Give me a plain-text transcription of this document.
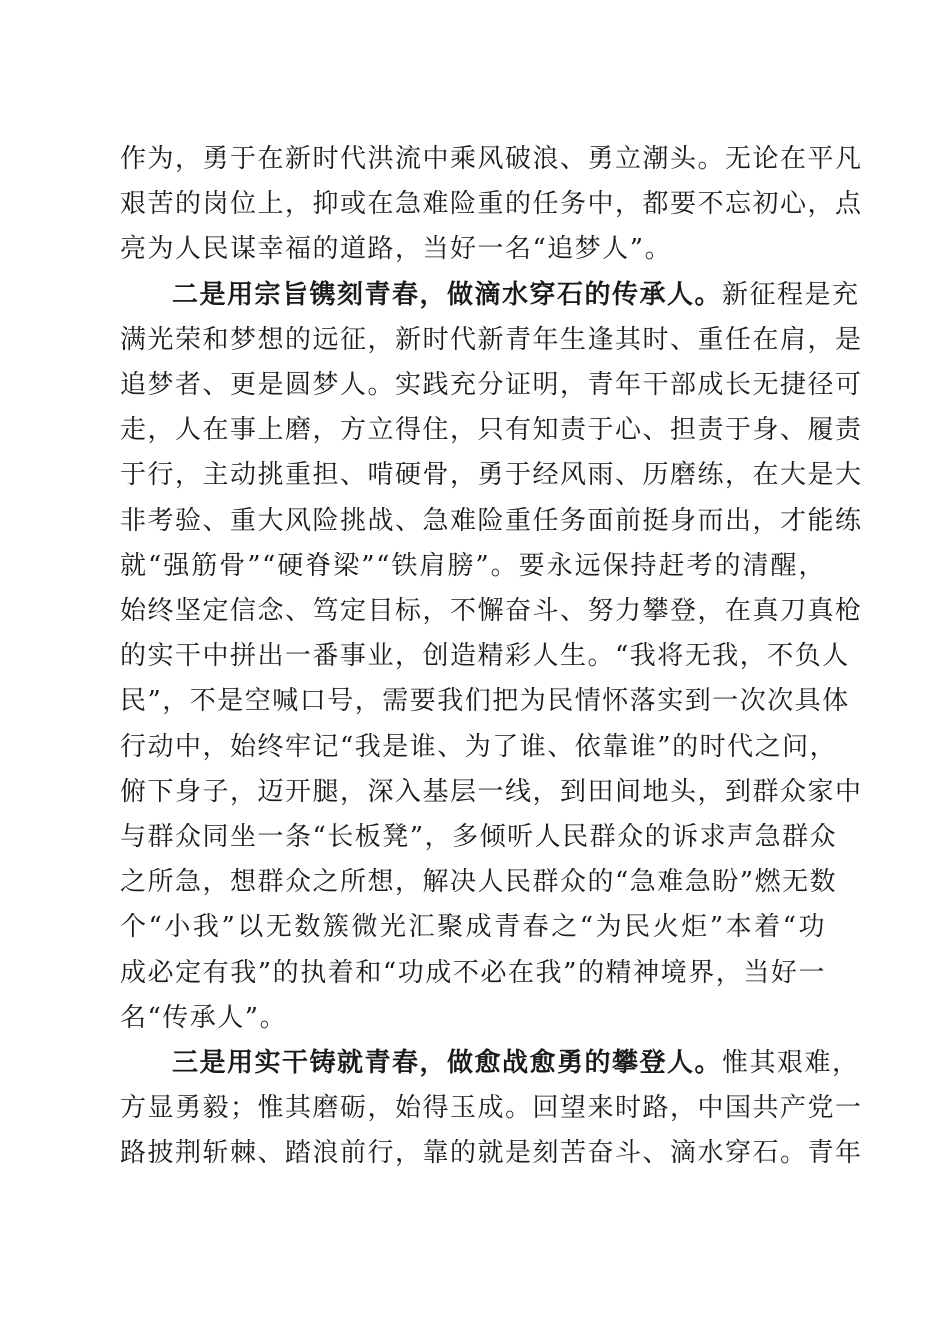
作为，勇于在新时代洪流中乘风破浪、勇立潮头。无论在平凡
艰苦的岗位上，抑或在急难险重的任务中，都要不忘初心，点
亮为人民谋幸福的道路，当好一名“追梦人”。
二是用宗旨镌刻青春，做滴水穿石的传承人。新征程是充
满光荣和梦想的远征，新时代新青年生逢其时、重任在肩，是
追梦者、更是圆梦人。实践充分证明，青年干部成长无捷径可
走，人在事上磨，方立得住，只有知责于心、担责于身、履责
于行，主动挑重担、啃硬骨，勇于经风雨、历磨练，在大是大
非考验、重大风险挑战、急难险重任务面前挺身而出，才能练
就“强筋骨”“硬脊梁”“铁肩膀”。要永远保持赶考的清醒，
始终坚定信念、笃定目标，不懈奋斗、努力攀登，在真刀真枪
的实干中拼出一番事业，创造精彩人生。“我将无我，不负人
民”，不是空喊口号，需要我们把为民情怀落实到一次次具体
行动中，始终牢记“我是谁、为了谁、依靠谁”的时代之问，
俯下身子，迈开腿，深入基层一线，到田间地头，到群众家中
与群众同坐一条“长板凳”，多倾听人民群众的诉求声急群众
之所急，想群众之所想，解决人民群众的“急难急盼”燃无数
个“小我”以无数簇微光汇聚成青春之“为民火炬”本着“功
成必定有我”的执着和“功成不必在我”的精神境界，当好一
名“传承人”。
三是用实干铸就青春，做愈战愈勇的攀登人。惟其艰难，
方显勇毅；惟其磨砺，始得玉成。回望来时路，中国共产党一
路披荆斩棘、踏浪前行，靠的就是刻苦奋斗、滴水穿石。青年
